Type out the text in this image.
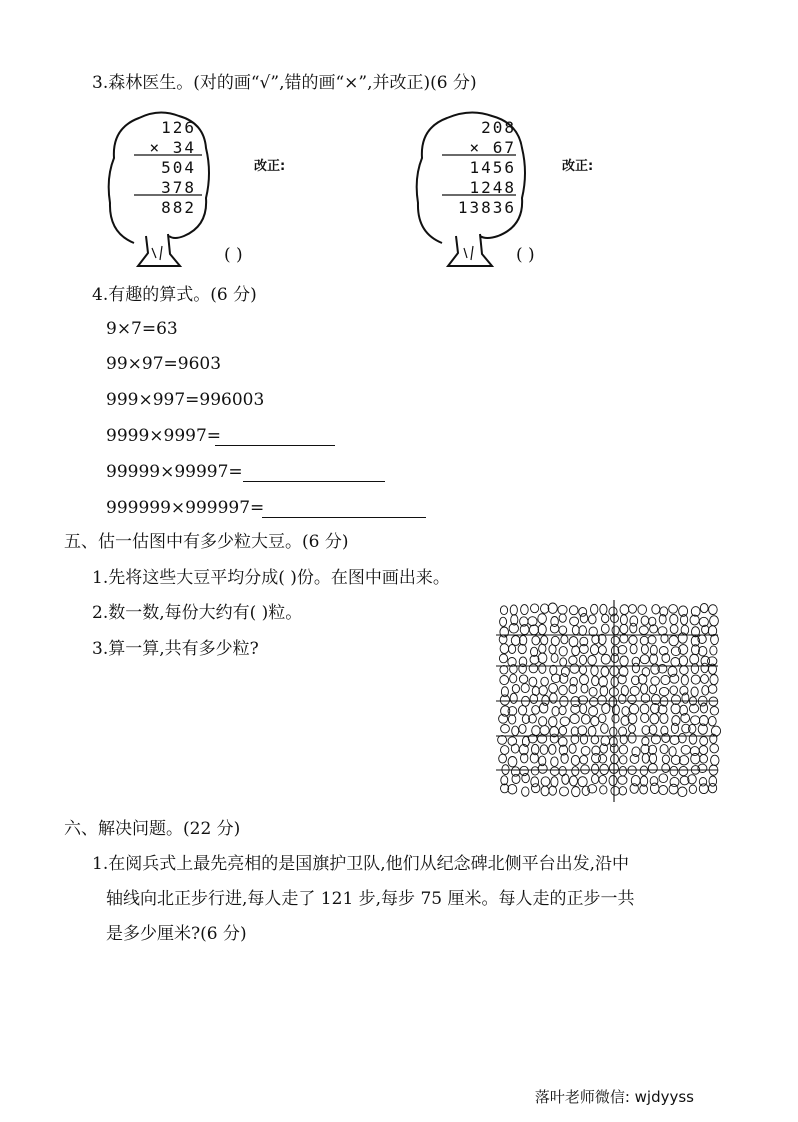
3.森林医生。(对的画“√”,错的画“×”,并改正)(6 分)
126
× 34
504
378
882
改正:
( )
208
× 67
1456
1248
13836
改正:
( )
4.有趣的算式。(6 分)
9×7=63
99×97=9603
999×997=996003
9999×9997=
99999×99997=
999999×999997=
五、估一估图中有多少粒大豆。(6 分)
1.先将这些大豆平均分成( )份。在图中画出来。
2.数一数,每份大约有( )粒。
3.算一算,共有多少粒?
六、解决问题。(22 分)
1.在阅兵式上最先亮相的是国旗护卫队,他们从纪念碑北侧平台出发,沿中
轴线向北正步行进,每人走了 121 步,每步 75 厘米。每人走的正步一共
是多少厘米?(6 分)
落叶老师微信: wjdyyss
